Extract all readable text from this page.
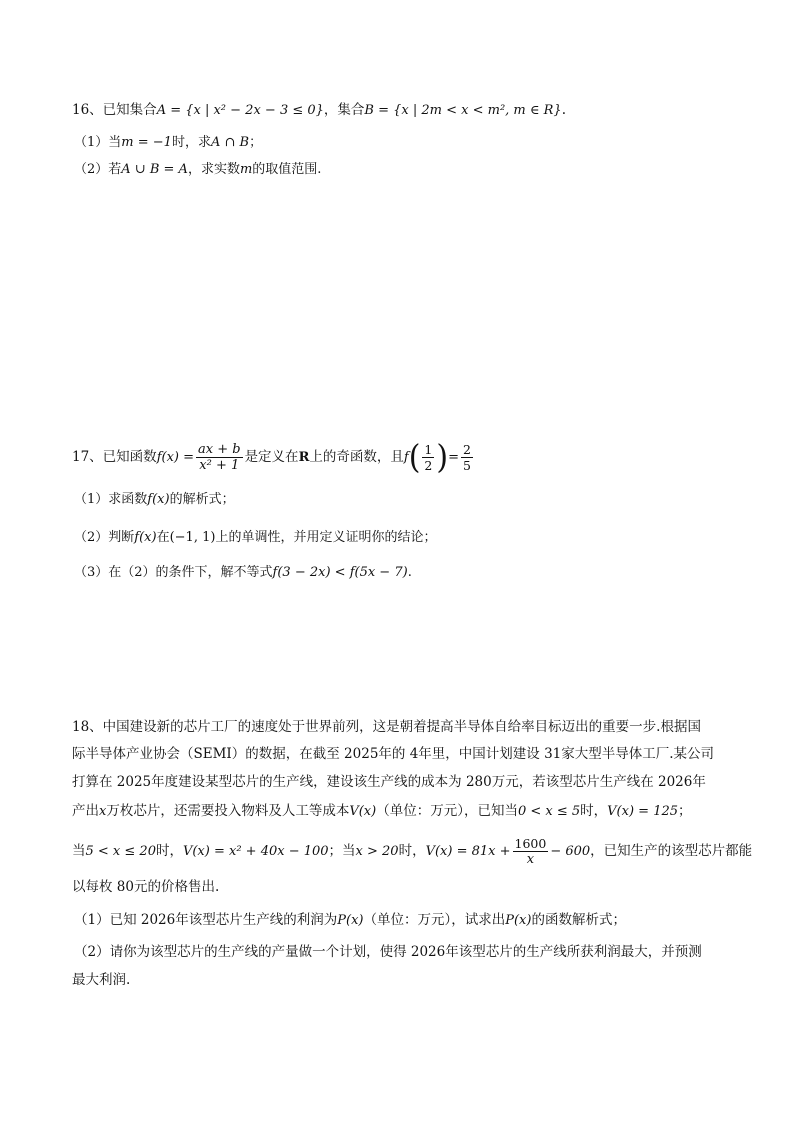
16、已知集合A = {x | x² − 2x − 3 ≤ 0}，集合B = {x | 2m < x < m², m ∈ R}.
（1）当m = −1时，求A ∩ B；
（2）若A ∪ B = A，求实数m的取值范围.
17、已知函数$f(x) = \frac{ax + b}{\text{x² + 1}}$ 是定义在R上的奇函数，且$f( \frac{1}{2}$ )= $\frac{2}{5}$
（1）求函数f(x)的解析式；
（2）判断f(x)在(−1, 1)上的单调性，并用定义证明你的结论；
（3）在（2）的条件下，解不等式f(3 − 2x) < f(5x − 7).
18、中国建设新的芯片工厂的速度处于世界前列，这是朝着提高半导体自给率目标迈出的重要一步.根据国
际半导体产业协会（SEMI）的数据，在截至 2025年的 4年里，中国计划建设 31家大型半导体工厂.某公司
打算在 2025年度建设某型芯片的生产线，建设该生产线的成本为 280万元，若该型芯片生产线在 2026年
产出x万枚芯片，还需要投入物料及人工等成本V(x)（单位：万元），已知当0 < x ≤ 5时，V(x) = 125；
当5 < x ≤ 20时，V(x) = x² + 40x − 100；当x > 20时，$V(x) = 81x + \frac{1600}{x} - 600$，已知生产的该型芯片都能
以每枚 80元的价格售出.
（1）已知 2026年该型芯片生产线的利润为P(x)（单位：万元），试求出P(x)的函数解析式；
（2）请你为该型芯片的生产线的产量做一个计划，使得 2026年该型芯片的生产线所获利润最大，并预测
最大利润.
